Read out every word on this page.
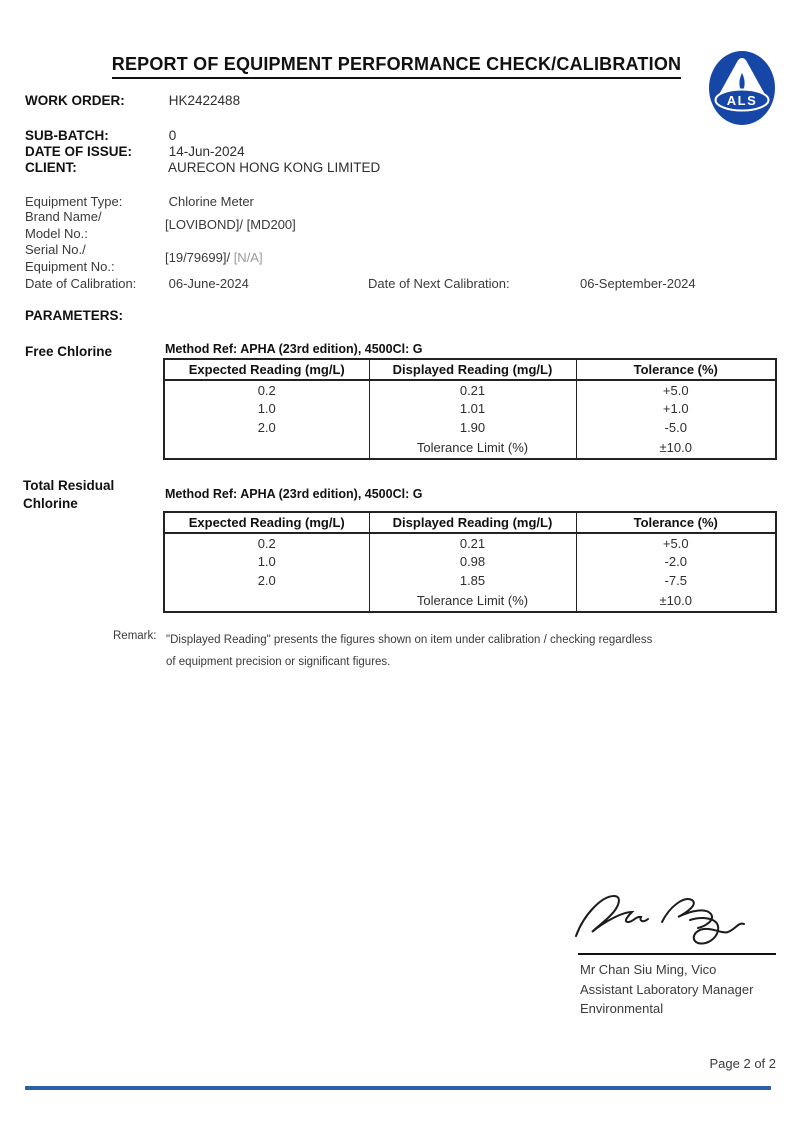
REPORT OF EQUIPMENT PERFORMANCE CHECK/CALIBRATION
ALS
WORK ORDER:	HK2422488
SUB-BATCH:	0
DATE OF ISSUE:	14-Jun-2024
CLIENT:	AURECON HONG KONG LIMITED
Equipment Type:	Chlorine Meter
Brand Name/
Model No.:
[LOVIBOND]/ [MD200]
Serial No./
Equipment No.:
[19/79699]/ [N/A]
Date of Calibration: 06-June-2024	Date of Next Calibration:	06-September-2024
PARAMETERS:
Free Chlorine	Method Ref: APHA (23rd edition), 4500Cl: G
Expected Reading (mg/L)	Displayed Reading (mg/L)	Tolerance (%)
0.2	0.21	+5.0
1.0	1.01	+1.0
2.0	1.90	-5.0
	Tolerance Limit (%)	±10.0
Total Residual
Chlorine
Method Ref: APHA (23rd edition), 4500Cl: G
Expected Reading (mg/L)	Displayed Reading (mg/L)	Tolerance (%)
0.2	0.21	+5.0
1.0	0.98	-2.0
2.0	1.85	-7.5
	Tolerance Limit (%)	±10.0
Remark: "Displayed Reading" presents the figures shown on item under calibration / checking regardless
of equipment precision or significant figures.
Mr Chan Siu Ming, Vico
Assistant Laboratory Manager
Environmental
Page 2 of 2
